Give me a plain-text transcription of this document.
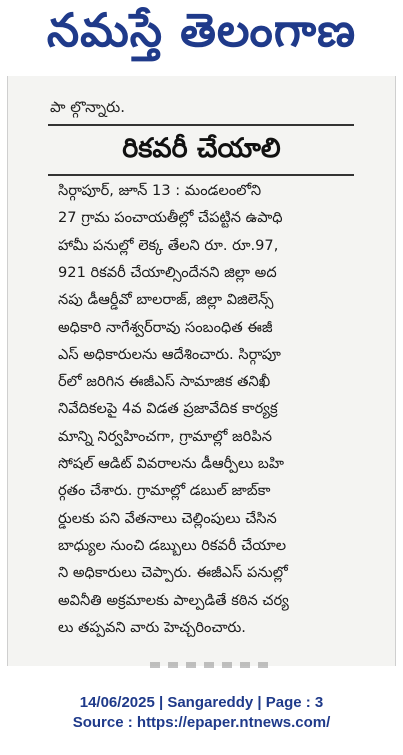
నమస్తే తెలంగాణ
పా ల్గొన్నారు.
రికవరీ చేయాలి
సిర్గాపూర్, జూన్ 13 : మండలంలోని
27 గ్రామ పంచాయతీల్లో చేపట్టిన ఉపాధి
హామీ పనుల్లో లెక్క తేలని రూ. రూ.97,
921 రికవరీ చేయాల్సిందేనని జిల్లా అద
నపు డీఆర్డీవో బాలరాజ్, జిల్లా విజిలెన్స్
అధికారి నాగేశ్వర్‌రావు సంబంధిత ఈజీ
ఎస్ అధికారులను ఆదేశించారు. సిర్గాపూ
ర్‌లో జరిగిన ఈజీఎస్ సామాజిక తనిఖీ
నివేదికలపై 4వ విడత ప్రజావేదిక కార్యక్ర
మాన్ని నిర్వహించగా, గ్రామాల్లో జరిపిన
సోషల్ ఆడిట్ వివరాలను డీఆర్పీలు బహి
ర్గతం చేశారు. గ్రామాల్లో డబుల్ జాబ్‌కా
ర్డులకు పని వేతనాలు చెల్లింపులు చేసిన
బాధ్యుల నుంచి డబ్బులు రికవరీ చేయాల
ని అధికారులు చెప్పారు. ఈజీఎస్ పనుల్లో
అవినీతి అక్రమాలకు పాల్పడితే కఠిన చర్య
లు తప్పవని వారు హెచ్చరించారు.
14/06/2025 | Sangareddy | Page : 3
Source : https://epaper.ntnews.com/
